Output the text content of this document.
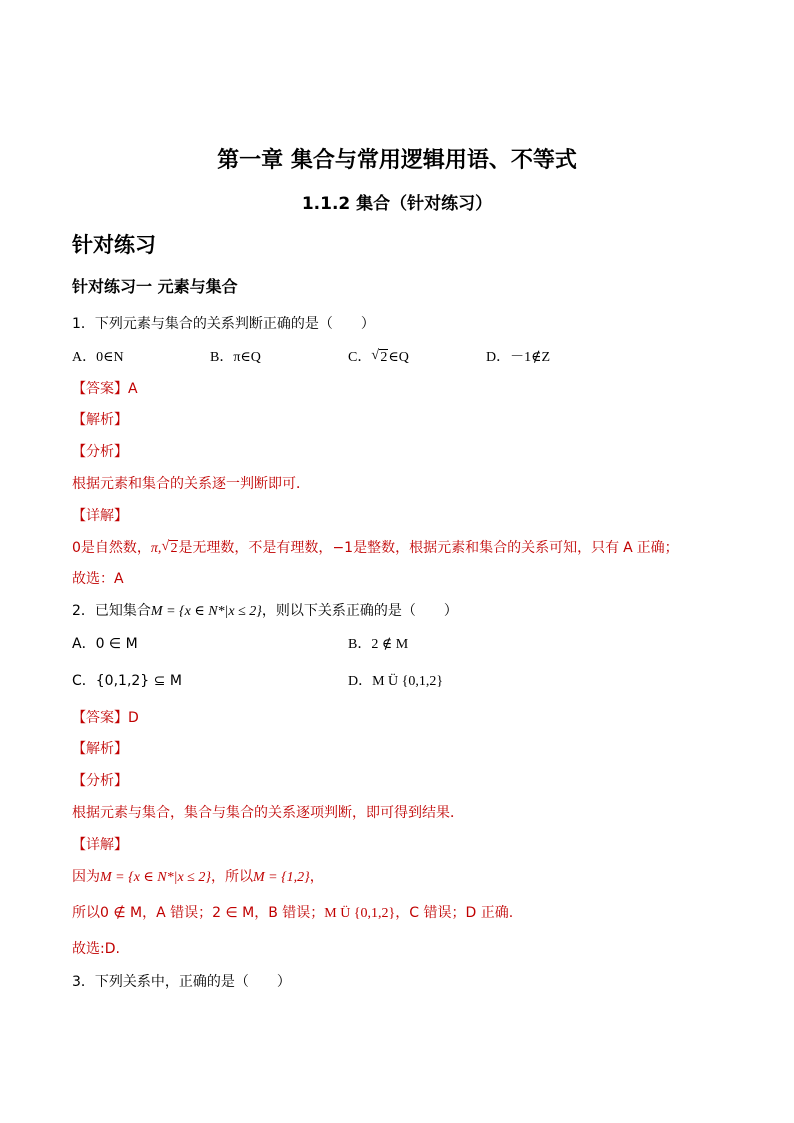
第一章 集合与常用逻辑用语、不等式
1.1.2 集合（针对练习）
针对练习
针对练习一 元素与集合
1．下列元素与集合的关系判断正确的是（　　）
A．0∈N	B．π∈Q	C． √ 2∈Q	D．－1∉Z
【答案】A
【解析】
【分析】
根据元素和集合的关系逐一判断即可．
【详解】
0是自然数，π, √ 2是无理数，不是有理数，−1是整数，根据元素和集合的关系可知，只有 A 正确；
故选：A
2．已知集合M = {x ∈ N*|x ≤ 2}，则以下关系正确的是（　　）
A．0 ∈ M	B．2 ∉ M
C．{0,1,2} ⊆ M	D．M Ü {0,1,2}
【答案】D
【解析】
【分析】
根据元素与集合，集合与集合的关系逐项判断，即可得到结果．
【详解】
因为M = {x ∈ N*|x ≤ 2}，所以M = {1,2}，
所以0 ∉ M，A 错误；2 ∈ M，B 错误；M Ü {0,1,2}，C 错误；D 正确.
故选:D.
3．下列关系中，正确的是（　　）
